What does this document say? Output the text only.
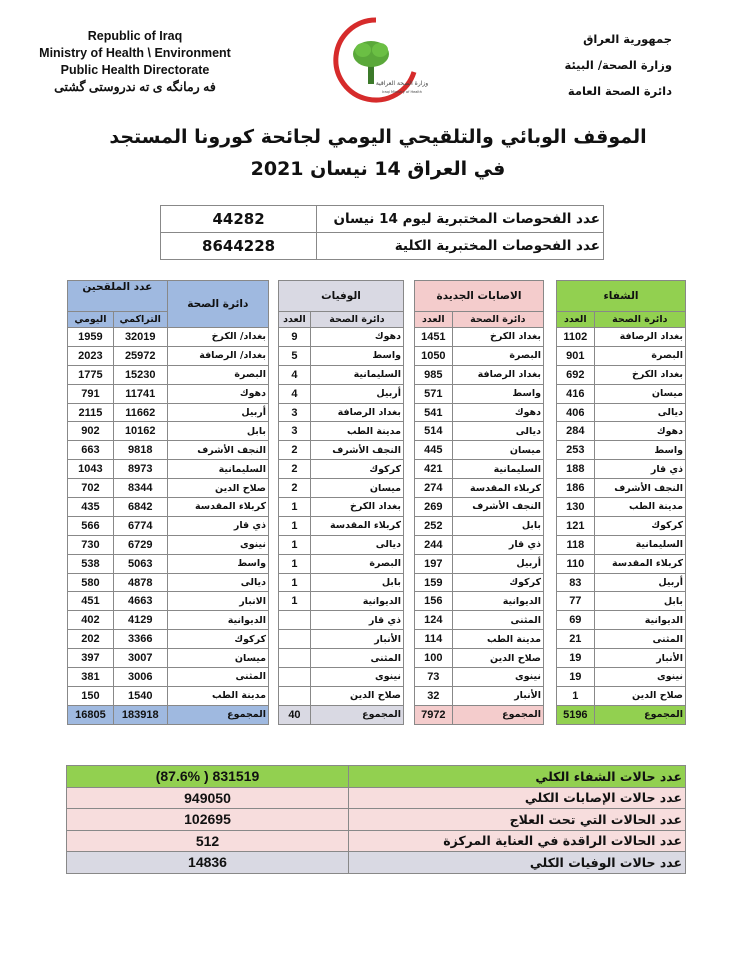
Republic of Iraq
Ministry of Health \ Environment
Public Health Directorate
فه رمانگه ى ته ندروستى گشتى	وزارة الصحة العراقية
Iraqi Ministry of Health
جمهورية العراق
وزارة الصحة/ البيئة
دائرة الصحة العامة
الموقف الوبائي والتلقيحي اليومي لجائحة كورونا المستجد
في العراق 14 نيسان 2021
44282	عدد الفحوصات المختبرية ليوم 14 نيسان
8644228	عدد الفحوصات المختبرية الكلية
عدد الملقحين		دائرة الصحة
اليومي	التراكمي	
1959	32019	بغداد/ الكرخ
2023	25972	بغداد/ الرصافة
1775	15230	البصرة
791	11741	دهوك
2115	11662	أربيل
902	10162	بابل
663	9818	النجف الأشرف
1043	8973	السليمانية
702	8344	صلاح الدين
435	6842	كربلاء المقدسة
566	6774	ذي قار
730	6729	نينوى
538	5063	واسط
580	4878	ديالى
451	4663	الانبار
402	4129	الديوانية
202	3366	كركوك
397	3007	ميسان
381	3006	المثنى
150	1540	مدينة الطب
16805	183918	المجموع
الوفيات	
العدد	دائرة الصحة
9	دهوك
5	واسط
4	السليمانية
4	أربيل
3	بغداد الرصافة
3	مدينة الطب
2	النجف الأشرف
2	كركوك
2	ميسان
1	بغداد الكرخ
1	كربلاء المقدسة
1	ديالى
1	البصرة
1	بابل
1	الديوانية
	ذي قار
	الأنبار
	المثنى
	نينوى
	صلاح الدين
40	المجموع
الاصابات الجديدة	
العدد	دائرة الصحة
1451	بغداد الكرخ
1050	البصرة
985	بغداد الرصافة
571	واسط
541	دهوك
514	ديالى
445	ميسان
421	السليمانية
274	كربلاء المقدسة
269	النجف الأشرف
252	بابل
244	ذي قار
197	أربيل
159	كركوك
156	الديوانية
124	المثنى
114	مدينة الطب
100	صلاح الدين
73	نينوى
32	الأنبار
7972	المجموع
الشفاء	
العدد	دائرة الصحة
1102	بغداد الرصافة
901	البصرة
692	بغداد الكرخ
416	ميسان
406	ديالى
284	دهوك
253	واسط
188	ذي قار
186	النجف الأشرف
130	مدينة الطب
121	كركوك
118	السليمانية
110	كربلاء المقدسة
83	أربيل
77	بابل
69	الديوانية
21	المثنى
19	الأنبار
19	نينوى
1	صلاح الدين
5196	المجموع
(87.6% ) 831519	عدد حالات الشفاء الكلي
949050	عدد حالات الإصابات الكلي
102695	عدد الحالات التي تحت العلاج
512	عدد الحالات الراقدة في العناية المركزة
14836	عدد حالات الوفيات الكلي
